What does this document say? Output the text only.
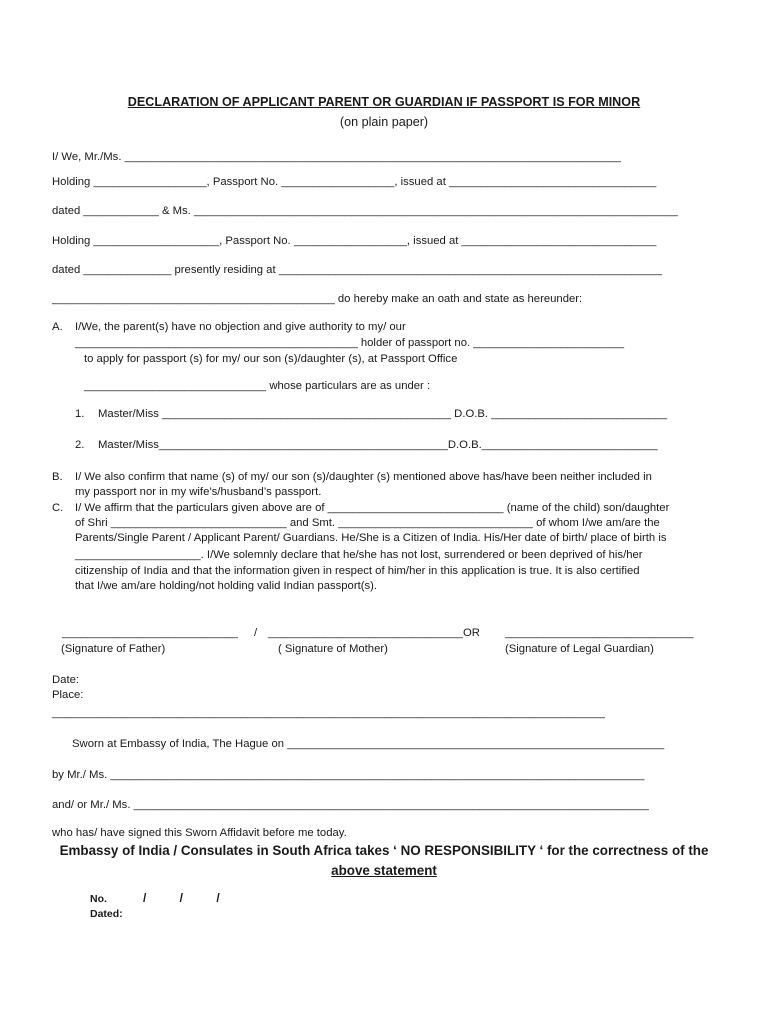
DECLARATION OF APPLICANT PARENT OR GUARDIAN IF PASSPORT IS FOR MINOR
(on plain paper)
I/ We, Mr./Ms. _______________________________________________________________________________
Holding __________________, Passport No. __________________, issued at _________________________________
dated ____________ & Ms. _____________________________________________________________________________
Holding ____________________, Passport No. __________________, issued at _______________________________
dated ______________ presently residing at _____________________________________________________________
_____________________________________________ do hereby make an oath and state as hereunder:
A. I/We, the parent(s) have no objection and give authority to my/ our
_____________________________________________ holder of passport no. ________________________
to apply for passport (s) for my/ our son (s)/daughter (s), at Passport Office
_____________________________ whose particulars are as under :
1. Master/Miss ______________________________________________ D.O.B. ____________________________
2. Master/Miss______________________________________________D.O.B.____________________________
B. I/ We also confirm that name (s) of my/ our son (s)/daughter (s) mentioned above has/have been neither included in
my passport nor in my wife’s/husband’s passport.
C. I/ We affirm that the particulars given above are of ____________________________ (name of the child) son/daughter
of Shri ____________________________ and Smt. _______________________________ of whom I/we am/are the
Parents/Single Parent / Applicant Parent/ Guardians. He/She is a Citizen of India. His/Her date of birth/ place of birth is
____________________. I/We solemnly declare that he/she has not lost, surrendered or been deprived of his/her
citizenship of India and that the information given in respect of him/her in this application is true. It is also certified
that I/we am/are holding/not holding valid Indian passport(s).
____________________________ / _______________________________ OR ______________________________
(Signature of Father)	( Signature of Mother)	(Signature of Legal Guardian)
Date:
Place:
________________________________________________________________________________________
Sworn at Embassy of India, The Hague on ____________________________________________________________
by Mr./ Ms. _____________________________________________________________________________________
and/ or Mr./ Ms. __________________________________________________________________________________
who has/ have signed this Sworn Affidavit before me today.
Embassy of India / Consulates in South Africa takes ‘ NO RESPONSIBILITY ‘ for the correctness of the
above statement
No.	/          /          /
Dated:
